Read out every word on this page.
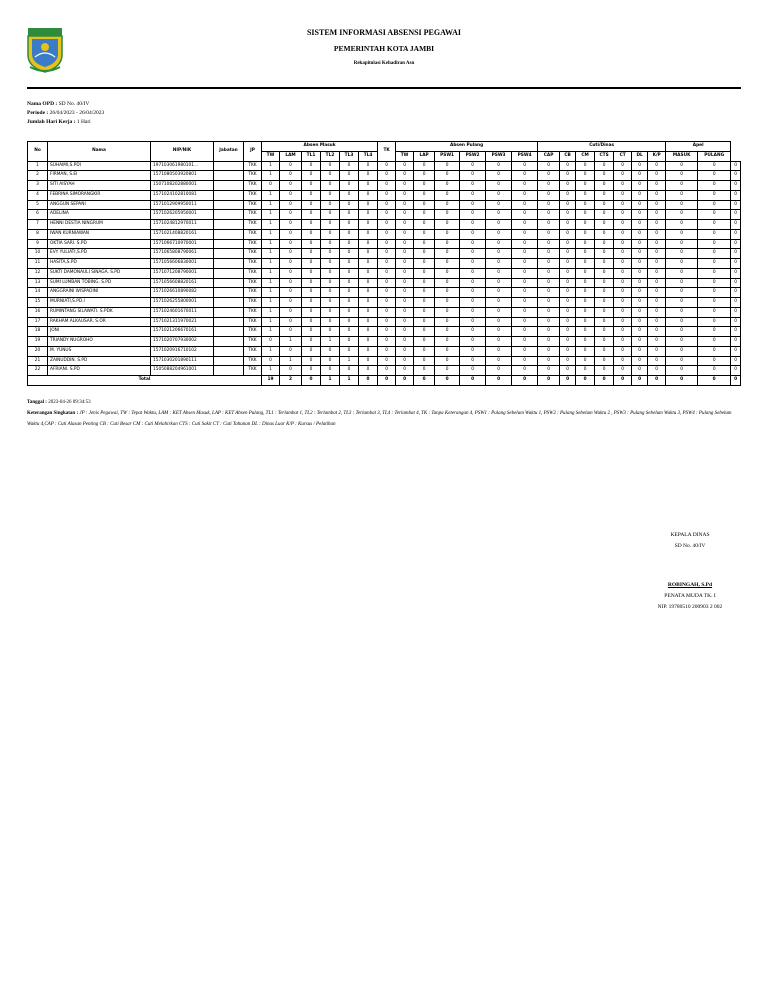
SISTEM INFORMASI ABSENSI PEGAWAI
PEMERINTAH KOTA JAMBI
Rekapitulasi Kehadiran Asn
Nama OPD : SD No. 40/IV
Periode : 26/04/2023 - 26/04/2023
Jumlah Hari Kerja : 1 Hari
No	Nama	NIP/NIK	Jabatan	JP	Absen Masuk						TK	Absen Pulang						Cuti/Dinas							Apel		
					TW	LAM	TL1	TL2	TL3	TL4		TW	LAP	PSW1	PSW2	PSW3	PSW4	CAP	CB	CM	CTS	CT	DL	K/P	MASUK	PULANG	
1	SUHAIMI,S.PDI	197103061980101...		TKK	1	0	0	0	0	0	0	0	0	0	0	0	0	0	0	0	0	0	0	0	0	0	0
2	FIRMAN, S.EI	1571080503920801		TKK	1	0	0	0	0	0	0	0	0	0	0	0	0	0	0	0	0	0	0	0	0	0	0
3	SITI AISYAH	1507108202880001		TKK	0	0	0	0	0	0	0	0	0	0	0	0	0	0	0	0	0	0	0	0	0	0	0
4	FEBRINA SIMORANGKIR	1571024102810081		TKK	1	0	0	0	0	0	0	0	0	0	0	0	0	0	0	0	0	0	0	0	0	0	0
5	ANGGUN SEPANI	1571012909950011		TKK	1	0	0	0	0	0	0	0	0	0	0	0	0	0	0	0	0	0	0	0	0	0	0
6	ADELINA	1571026205950001		TKK	1	0	0	0	0	0	0	0	0	0	0	0	0	0	0	0	0	0	0	0	0	0	0
7	HENNI DESTIA NINGRUM	1571024812970011		TKK	1	0	0	0	0	0	0	0	0	0	0	0	0	0	0	0	0	0	0	0	0	0	0
8	IWAN KURNIAWAN	1571021408820161		TKK	1	0	0	0	0	0	0	0	0	0	0	0	0	0	0	0	0	0	0	0	0	0	0
9	OKTIA SARI. S.PD	1571066710970001		TKK	1	0	0	0	0	0	0	0	0	0	0	0	0	0	0	0	0	0	0	0	0	0	0
10	EVY YULIATI,S.PD	1571065808790061		TKK	1	0	0	0	0	0	0	0	0	0	0	0	0	0	0	0	0	0	0	0	0	0	0
11	HASITA,S.PD	1571056606830001		TKK	1	0	0	0	0	0	0	0	0	0	0	0	0	0	0	0	0	0	0	0	0	0	0
12	SUKTI DAMONAULI SINAGA. S.PD	1571071208790001		TKK	1	0	0	0	0	0	0	0	0	0	0	0	0	0	0	0	0	0	0	0	0	0	0
13	SUMI LUMBAN TOBING. S.PD	1571056608820161		TKK	1	0	0	0	0	0	0	0	0	0	0	0	0	0	0	0	0	0	0	0	0	0	0
14	ANGGRAINI WISPADINI	1571026610890082		TKK	1	0	0	0	0	0	0	0	0	0	0	0	0	0	0	0	0	0	0	0	0	0	0
15	MURNIATI,S.PD.I	1571026255800001		TKK	1	0	0	0	0	0	0	0	0	0	0	0	0	0	0	0	0	0	0	0	0	0	0
16	RUMINTANG SILAWATI. S.PDK	1571024601670011		TKK	1	0	0	0	0	0	0	0	0	0	0	0	0	0	0	0	0	0	0	0	0	0	0
17	RAKHAM ALKAUSAR. S.OR	1571021311970021		TKK	1	0	0	0	0	0	0	0	0	0	0	0	0	0	0	0	0	0	0	0	0	0	0
18	JONI	1571021206670161		TKK	1	0	0	0	0	0	0	0	0	0	0	0	0	0	0	0	0	0	0	0	0	0	0
19	TRIANDY NUGROHO	1571020707930002		TKK	0	1	0	1	0	0	0	0	0	0	0	0	0	0	0	0	0	0	0	0	0	0	0
20	M. YUNUS	1571020916710102		TKK	1	0	0	0	0	0	0	0	0	0	0	0	0	0	0	0	0	0	0	0	0	0	0
21	ZAINUDDIN. S.PD	1571030201890111		TKK	0	1	0	0	1	0	0	0	0	0	0	0	0	0	0	0	0	0	0	0	0	0	0
22	AFRIANI. S.PD	1505088204961001		TKK	1	0	0	0	0	0	0	0	0	0	0	0	0	0	0	0	0	0	0	0	0	0	0
Total					19	2	0	1	1	0	0	0	0	0	0	0	0	0	0	0	0	0	0	0	0	0	0
Tanggal : 2023-04-26 09:34:53
Keterangan Singkatan : JP : Jenis Pegawai, TW : Tepat Waktu, LAM : KET Absen Masuk, LAP : KET Absen Pulang, TL1 : Terlambat 1, TL2 : Terlambat 2, TL3 : Terlambat 3, TL4 : Terlambat 4, TK : Tanpa Keterangan 4, PSW1 : Pulang Sebelum Waktu 1, PSW2 : Pulang Sebelum Waktu 2 , PSW3 : Pulang Sebelum Waktu 3, PSW4 : Pulang Sebelum Waktu 4,CAP : Cuti Alasan Penting CB : Cuti Besar CM : Cuti Melahirkan CTS : Cuti Sakit CT : Cuti Tahunan DL : Dinas Luar K/P : Kursus / Pelatihan
KEPALA DINAS
SD No. 40/IV
ROBINGAH, S.Pd
PENATA MUDA TK. I
NIP. 19780510 200903 2 002
